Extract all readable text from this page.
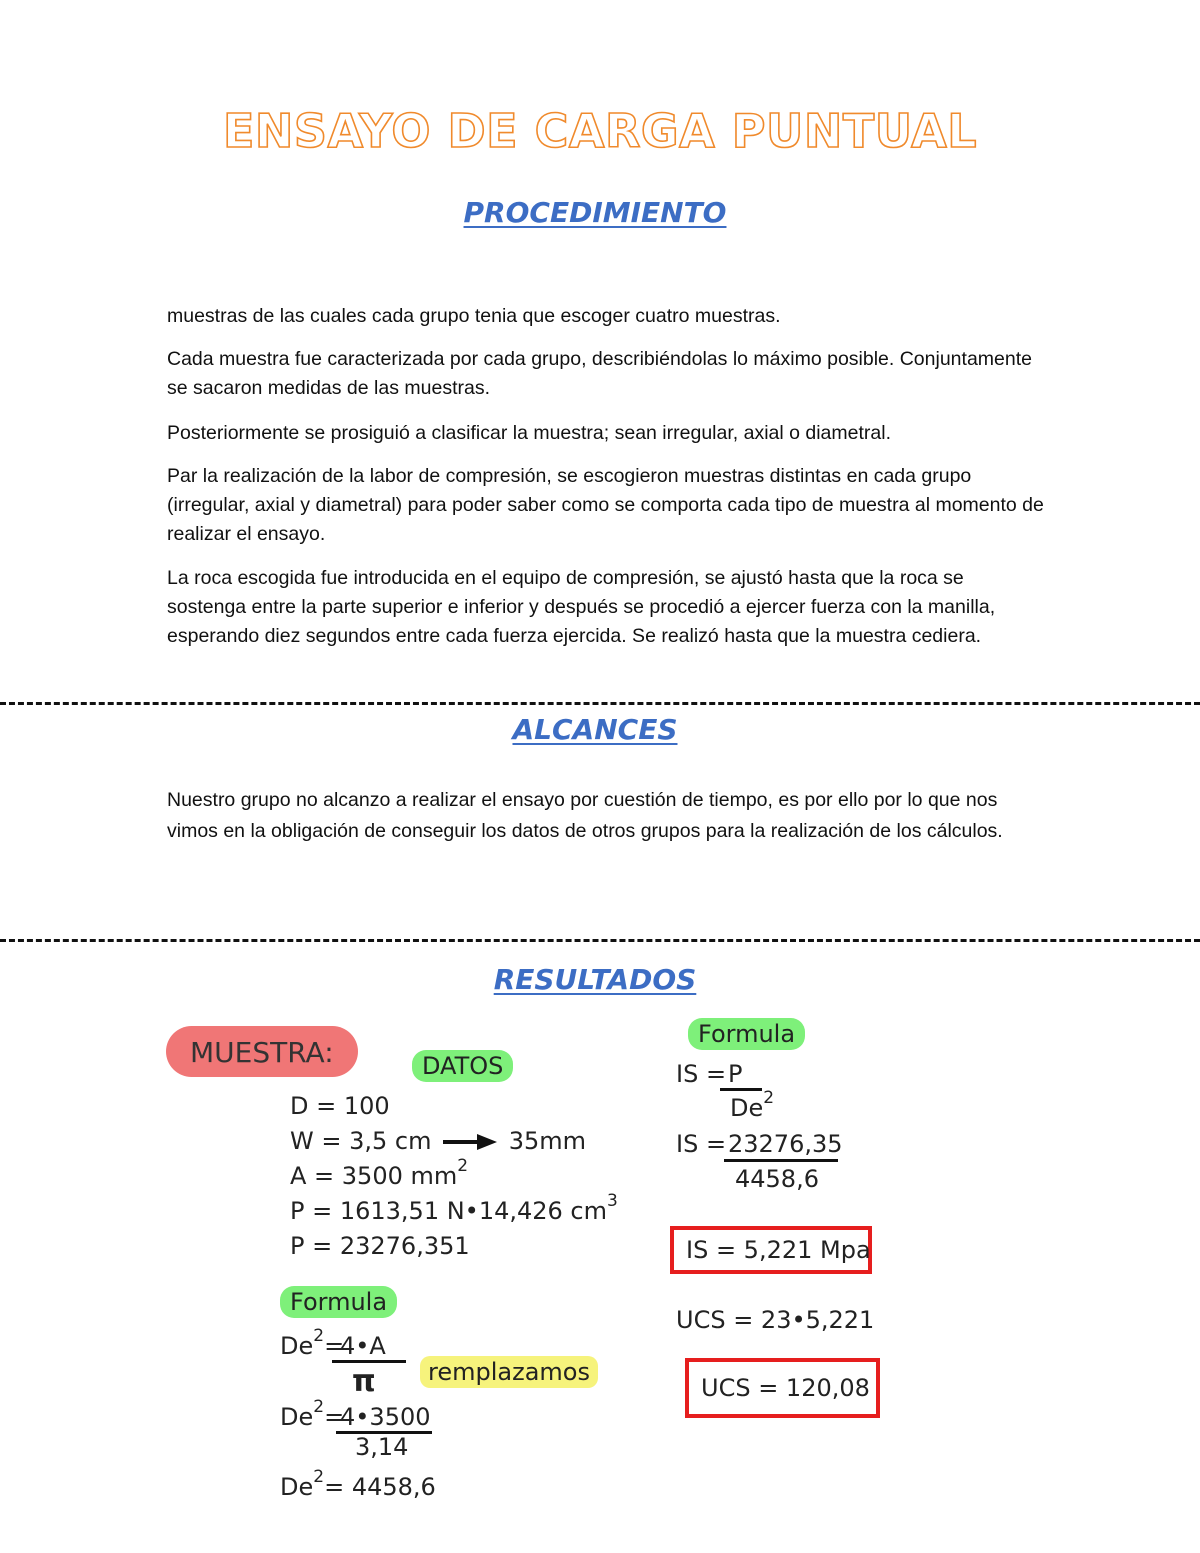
ENSAYO DE CARGA PUNTUAL
PROCEDIMIENTO
muestras de las cuales cada grupo tenia que escoger cuatro muestras.
Cada muestra fue caracterizada por cada grupo, describiéndolas lo máximo posible. Conjuntamente se sacaron medidas de las muestras.
Posteriormente se prosiguió a clasificar la muestra; sean irregular, axial o diametral.
Par la realización de la labor de compresión, se escogieron muestras distintas en cada grupo (irregular, axial y diametral) para poder saber como se comporta cada tipo de muestra al momento de realizar el ensayo.
La roca escogida fue introducida en el equipo de compresión, se ajustó hasta que la roca se sostenga entre la parte superior e inferior y después se procedió a ejercer fuerza con la manilla, esperando diez segundos entre cada fuerza ejercida. Se realizó hasta que la muestra cediera.
ALCANCES
Nuestro grupo no alcanzo a realizar el ensayo por cuestión de tiempo, es por ello por lo que nos vimos en la obligación de conseguir los datos de otros grupos para la realización de los cálculos.
RESULTADOS
MUESTRA:	DATOS
D = 100
W = 3,5 cm	35mm
A = 3500 $mm^2$
P = 1613,51 N•14,426 $cm^3$
P = 23276,351
Formula
$De^2=$
4•A
π	remplazamos
$De^2=$
4•3500
3,14
$De^2= 4458,6$
Formula
IS = P
De$^2$
IS = 23276,35
4458,6
IS = 5,221 Mpa
UCS = 23•5,221
UCS = 120,08
